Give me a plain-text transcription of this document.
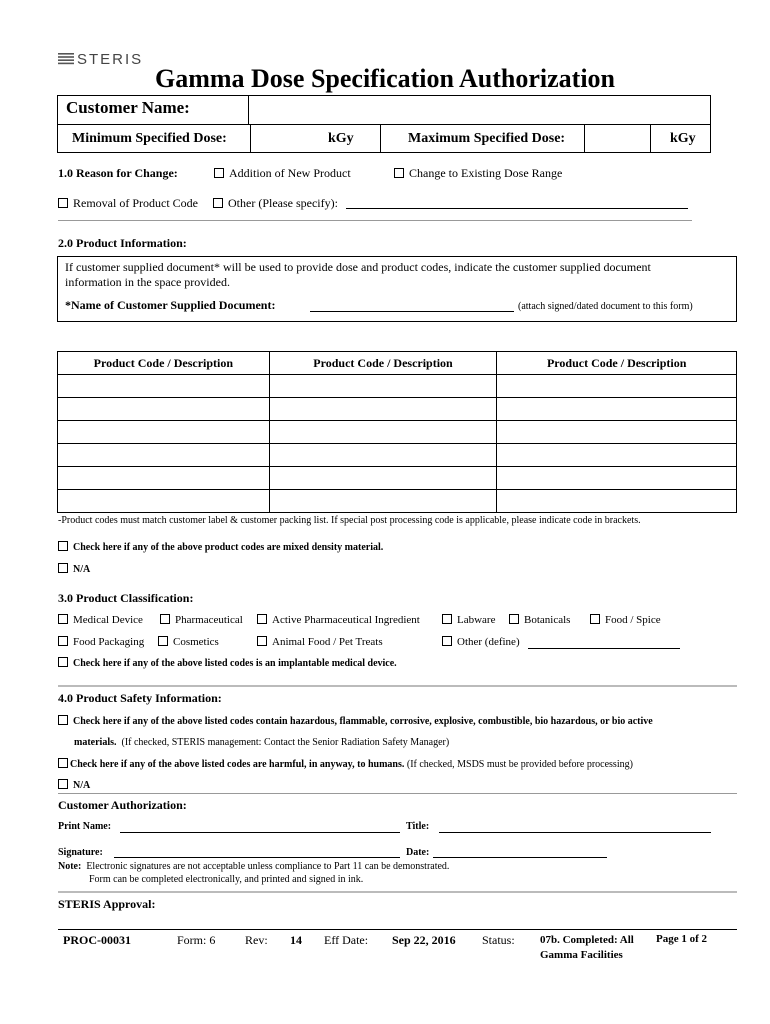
STERIS
Gamma Dose Specification Authorization
Customer Name:
Minimum Specified Dose:	kGy	Maximum Specified Dose:	kGy
1.0 Reason for Change:	Addition of New Product	Change to Existing Dose Range
Removal of Product Code	Other (Please specify):
2.0 Product Information:
If customer supplied document* will be used to provide dose and product codes, indicate the customer supplied document information in the space provided.
*Name of Customer Supplied Document:	(attach signed/dated document to this form)
Product Code / Description	Product Code / Description	Product Code / Description

-Product codes must match customer label & customer packing list. If special post processing code is applicable, please indicate code in brackets.
Check here if any of the above product codes are mixed density material.
N/A
3.0 Product Classification:
Medical Device	Pharmaceutical	Active Pharmaceutical Ingredient	Labware	Botanicals	Food / Spice
Food Packaging	Cosmetics	Animal Food / Pet Treats	Other (define)
Check here if any of the above listed codes is an implantable medical device.
4.0 Product Safety Information:
Check here if any of the above listed codes contain hazardous, flammable, corrosive, explosive, combustible, bio hazardous, or bio active
materials. (If checked, STERIS management: Contact the Senior Radiation Safety Manager)
Check here if any of the above listed codes are harmful, in anyway, to humans. (If checked, MSDS must be provided before processing)
N/A
Customer Authorization:
Print Name:	Title:
Signature:	Date:
Note: Electronic signatures are not acceptable unless compliance to Part 11 can be demonstrated.
Form can be completed electronically, and printed and signed in ink.
STERIS Approval:
PROC-00031	Form: 6 Rev: 14 Eff Date: Sep 22, 2016 Status: 07b. Completed: All Gamma Facilities
Page 1 of 2
